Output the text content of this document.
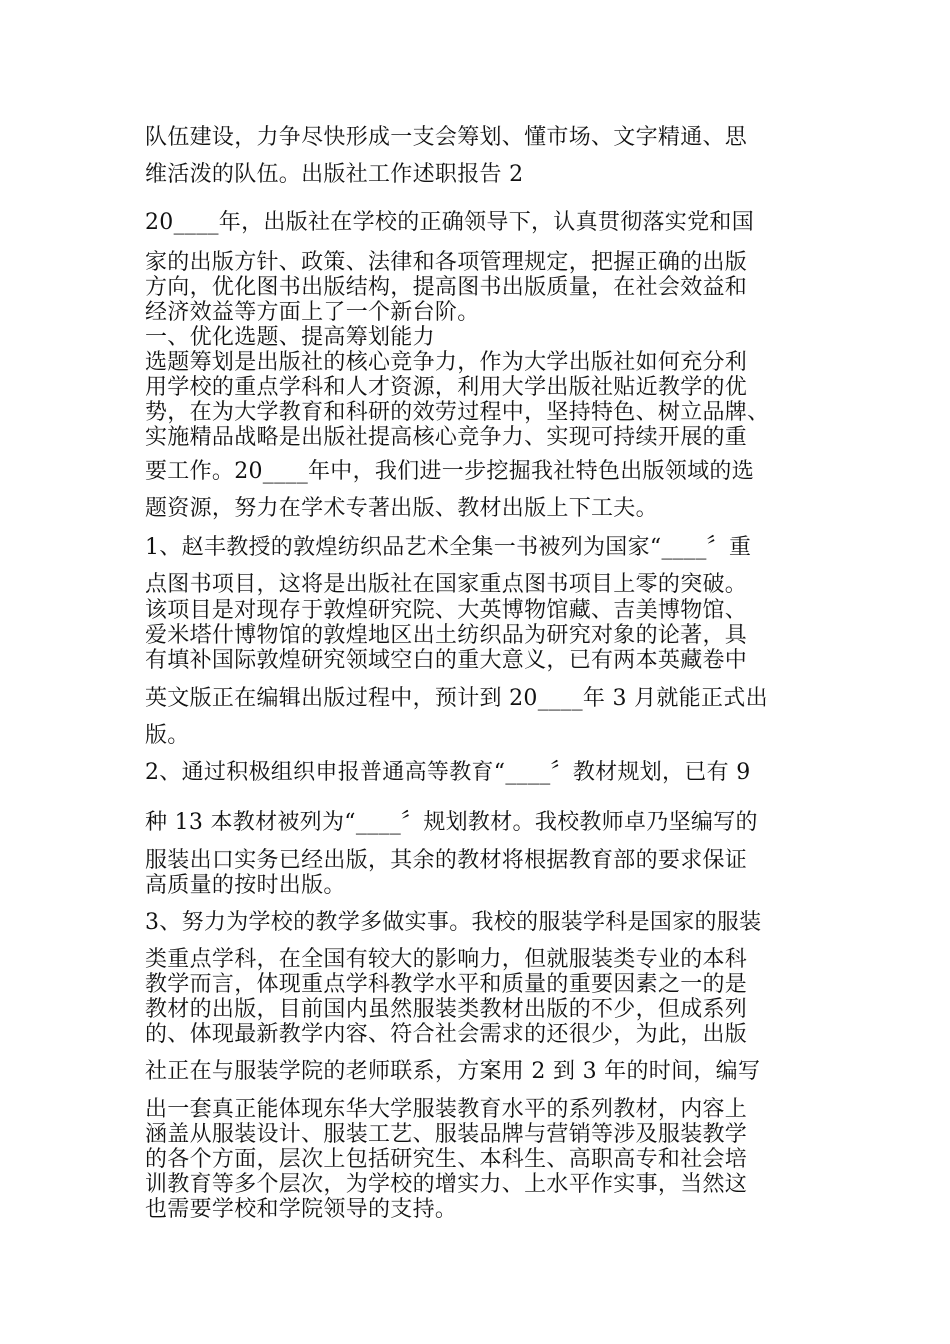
队伍建设，力争尽快形成一支会筹划、懂市场、文字精通、思
维活泼的队伍。出版社工作述职报告 2
20____年，出版社在学校的正确领导下，认真贯彻落实党和国
家的出版方针、政策、法律和各项管理规定，把握正确的出版
方向，优化图书出版结构，提高图书出版质量，在社会效益和
经济效益等方面上了一个新台阶。
一、优化选题、提高筹划能力
选题筹划是出版社的核心竞争力，作为大学出版社如何充分利
用学校的重点学科和人才资源，利用大学出版社贴近教学的优
势，在为大学教育和科研的效劳过程中，坚持特色、树立品牌、
实施精品战略是出版社提高核心竞争力、实现可持续开展的重
要工作。20____年中，我们进一步挖掘我社特色出版领域的选
题资源，努力在学术专著出版、教材出版上下工夫。
1、赵丰教授的敦煌纺织品艺术全集一书被列为国家“____〞重
点图书项目，这将是出版社在国家重点图书项目上零的突破。
该项目是对现存于敦煌研究院、大英博物馆藏、吉美博物馆、
爱米塔什博物馆的敦煌地区出土纺织品为研究对象的论著，具
有填补国际敦煌研究领域空白的重大意义，已有两本英藏卷中
英文版正在编辑出版过程中，预计到 20____年 3 月就能正式出
版。
2、通过积极组织申报普通高等教育“____〞教材规划，已有 9
种 13 本教材被列为“____〞规划教材。我校教师卓乃坚编写的
服装出口实务已经出版，其余的教材将根据教育部的要求保证
高质量的按时出版。
3、努力为学校的教学多做实事。我校的服装学科是国家的服装
类重点学科，在全国有较大的影响力，但就服装类专业的本科
教学而言，体现重点学科教学水平和质量的重要因素之一的是
教材的出版，目前国内虽然服装类教材出版的不少，但成系列
的、体现最新教学内容、符合社会需求的还很少，为此，出版
社正在与服装学院的老师联系，方案用 2 到 3 年的时间，编写
出一套真正能体现东华大学服装教育水平的系列教材，内容上
涵盖从服装设计、服装工艺、服装品牌与营销等涉及服装教学
的各个方面，层次上包括研究生、本科生、高职高专和社会培
训教育等多个层次，为学校的增实力、上水平作实事，当然这
也需要学校和学院领导的支持。
